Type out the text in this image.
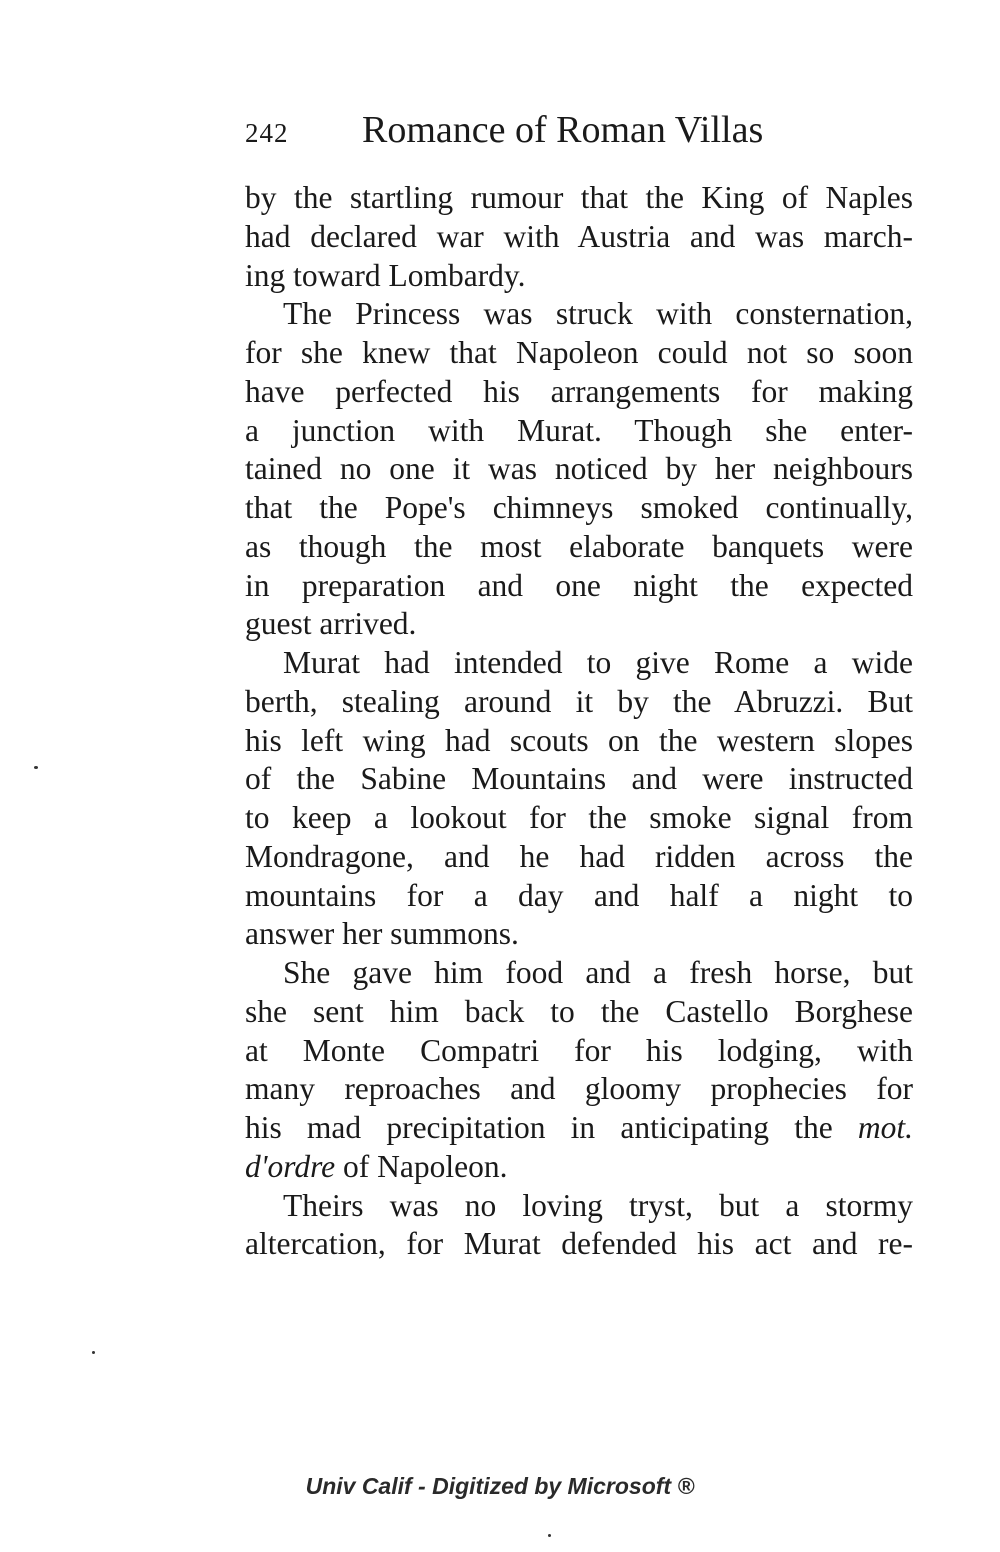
242 Romance of Roman Villas
by the startling rumour that the King of Naples
had declared war with Austria and was march-
ing toward Lombardy.
The Princess was struck with consternation,
for she knew that Napoleon could not so soon
have perfected his arrangements for making
a junction with Murat. Though she enter-
tained no one it was noticed by her neighbours
that the Pope's chimneys smoked continually,
as though the most elaborate banquets were
in preparation and one night the expected
guest arrived.
Murat had intended to give Rome a wide
berth, stealing around it by the Abruzzi. But
his left wing had scouts on the western slopes
of the Sabine Mountains and were instructed
to keep a lookout for the smoke signal from
Mondragone, and he had ridden across the
mountains for a day and half a night to
answer her summons.
She gave him food and a fresh horse, but
she sent him back to the Castello Borghese
at Monte Compatri for his lodging, with
many reproaches and gloomy prophecies for
his mad precipitation in anticipating the mot.
d'ordre of Napoleon.
Theirs was no loving tryst, but a stormy
altercation, for Murat defended his act and re-
Univ Calif - Digitized by Microsoft ®
